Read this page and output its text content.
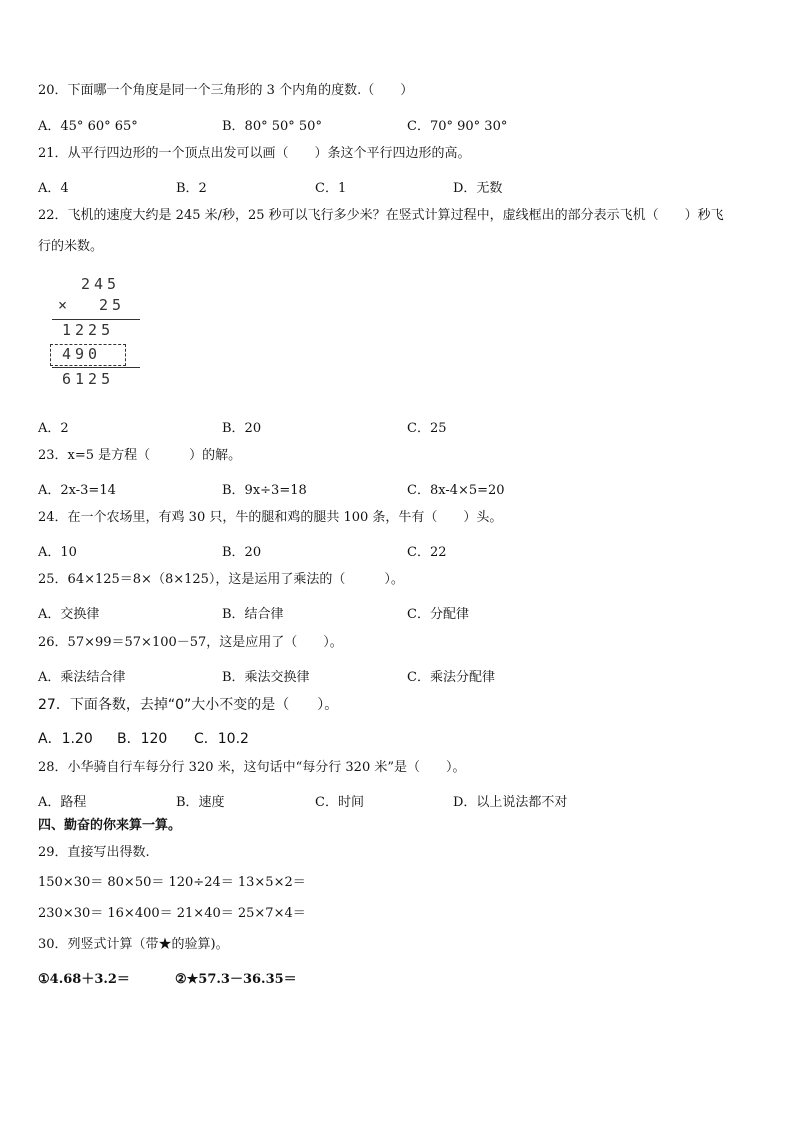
20．下面哪一个角度是同一个三角形的 3 个内角的度数.（　　）
A．45° 60° 65°	B．80° 50° 50°	C．70° 90° 30°
21．从平行四边形的一个顶点出发可以画（　　）条这个平行四边形的高。
A．4	B．2	C．1	D．无数
22．飞机的速度大约是 245 米/秒，25 秒可以飞行多少米？在竖式计算过程中，虚线框出的部分表示飞机（　　）秒飞
行的米数。
245
× 25
1225
490
6125
A．2	B．20	C．25
23．x=5 是方程（　　　）的解。
A．2x-3=14	B．9x÷3=18	C．8x-4×5=20
24．在一个农场里，有鸡 30 只，牛的腿和鸡的腿共 100 条，牛有（　　）头。
A．10	B．20	C．22
25．64×125＝8×（8×125），这是运用了乘法的（　　　）。
A．交换律	B．结合律	C．分配律
26．57×99＝57×100－57，这是应用了（　　）。
A．乘法结合律	B．乘法交换律	C．乘法分配律
27．下面各数，去掉“0”大小不变的是（　　）。
A．1.20 B．120 C．10.2
28．小华骑自行车每分行 320 米，这句话中“每分行 320 米”是（　　）。
A．路程	B．速度	C．时间	D．以上说法都不对
四、勤奋的你来算一算。
29．直接写出得数.
150×30＝ 80×50＝ 120÷24＝ 13×5×2＝
230×30＝ 16×400＝ 21×40＝ 25×7×4＝
30．列竖式计算（带★的验算)。
①4.68＋3.2＝	②★57.3－36.35＝
